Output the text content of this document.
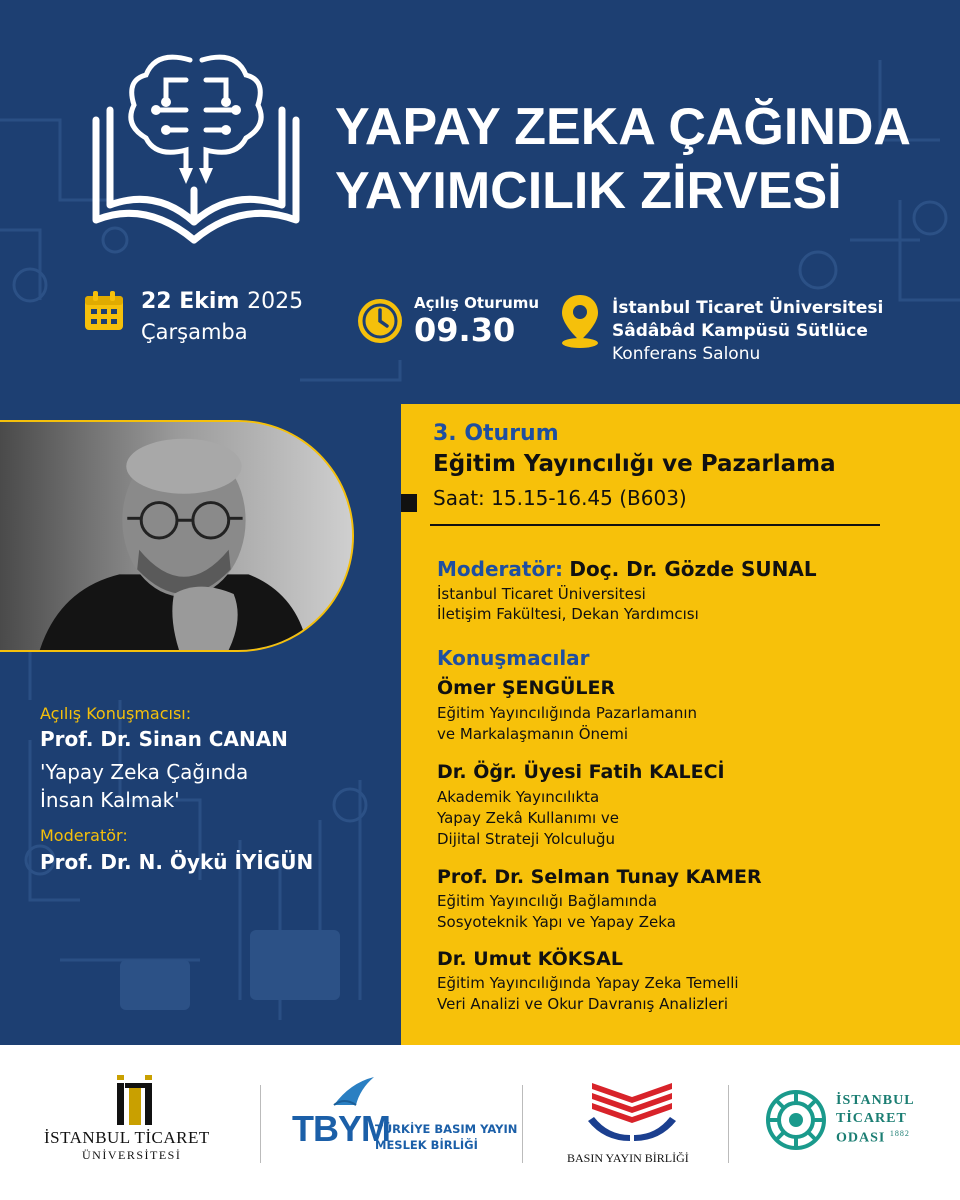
YAPAY ZEKA ÇAĞINDA
YAYIMCILIK ZİRVESİ
22 Ekim 2025
Çarşamba
Açılış Oturumu
09.30
İstanbul Ticaret Üniversitesi
Sâdâbâd Kampüsü Sütlüce
Konferans Salonu
Açılış Konuşmacısı:
Prof. Dr. Sinan CANAN
'Yapay Zeka Çağında
İnsan Kalmak'
Moderatör:
Prof. Dr. N. Öykü İYİGÜN
3. Oturum
Eğitim Yayıncılığı ve Pazarlama
Saat: 15.15-16.45 (B603)
Moderatör: Doç. Dr. Gözde SUNAL
İstanbul Ticaret Üniversitesi
İletişim Fakültesi, Dekan Yardımcısı
Konuşmacılar
Ömer ŞENGÜLER
Eğitim Yayıncılığında Pazarlamanın
ve Markalaşmanın Önemi
Dr. Öğr. Üyesi Fatih KALECİ
Akademik Yayıncılıkta
Yapay Zekâ Kullanımı ve
Dijital Strateji Yolculuğu
Prof. Dr. Selman Tunay KAMER
Eğitim Yayıncılığı Bağlamında
Sosyoteknik Yapı ve Yapay Zeka
Dr. Umut KÖKSAL
Eğitim Yayıncılığında Yapay Zeka Temelli
Veri Analizi ve Okur Davranış Analizleri
İSTANBUL TİCARET
ÜNİVERSİTESİ
TBYM
TÜRKİYE BASIM YAYIN
MESLEK BİRLİĞİ
BASIN YAYIN BİRLİĞİ
İSTANBUL
TİCARET
ODASI $^{1882}$
